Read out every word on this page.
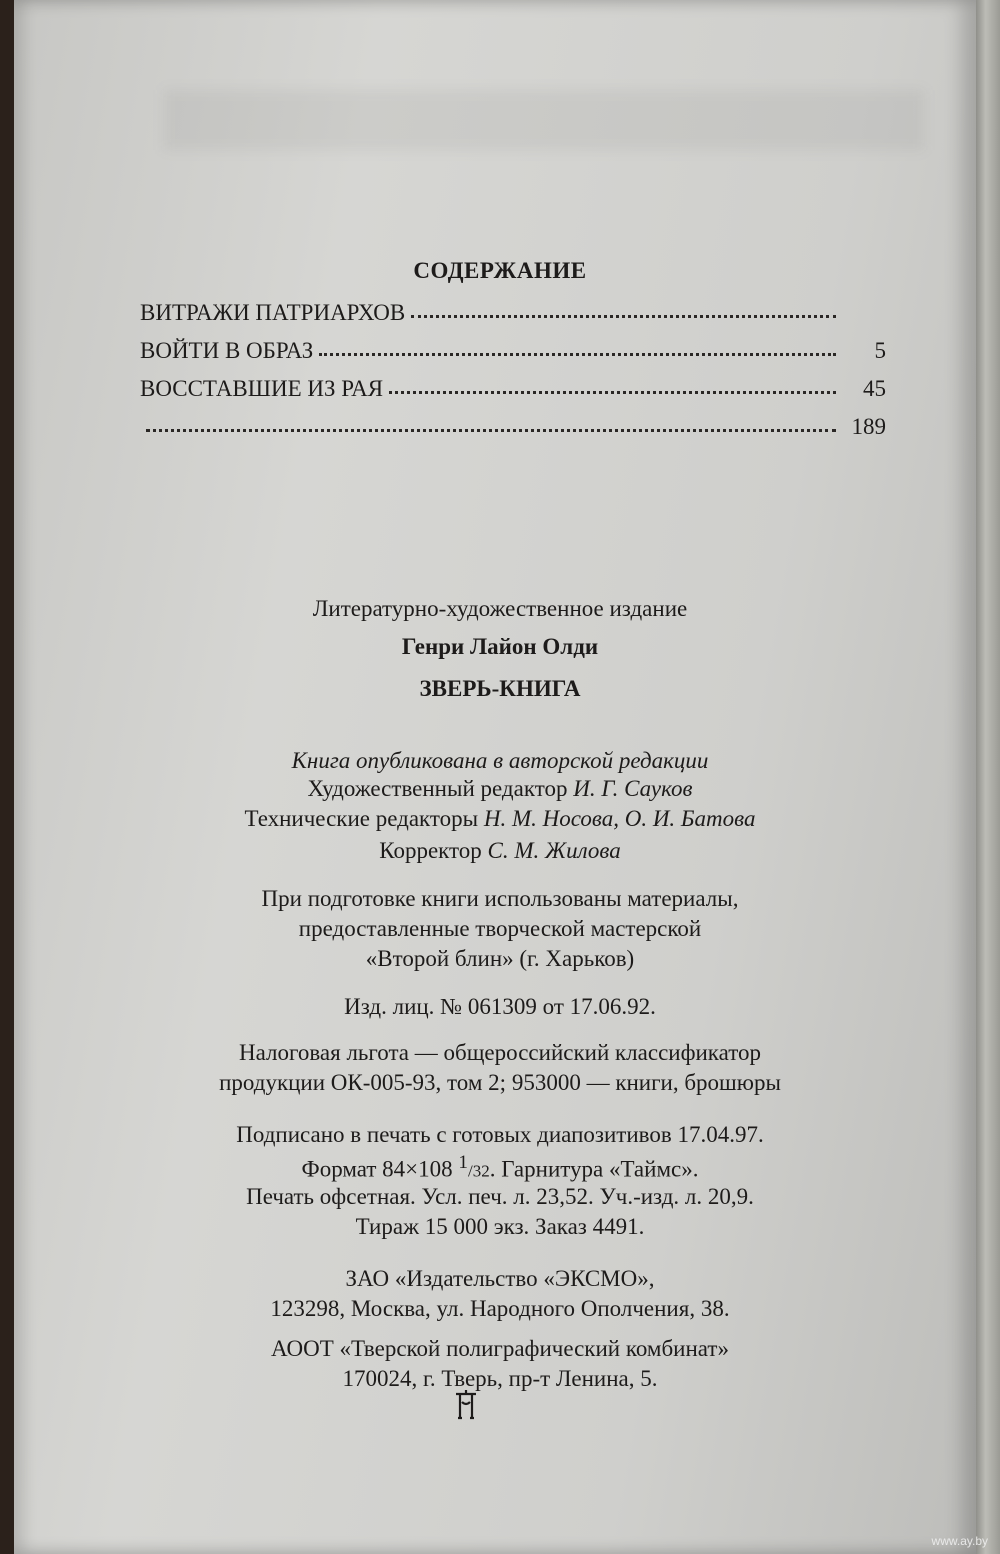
СОДЕРЖАНИЕ
ВИТРАЖИ ПАТРИАРХОВ
ВОЙТИ В ОБРАЗ	5
ВОССТАВШИЕ ИЗ РАЯ	45
189
Литературно-художественное издание
Генри Лайон Олди
ЗВЕРЬ-КНИГА
Книга опубликована в авторской редакции
Художественный редактор И. Г. Сауков
Технические редакторы Н. М. Носова, О. И. Батова
Корректор С. М. Жилова
При подготовке книги использованы материалы,
предоставленные творческой мастерской
«Второй блин» (г. Харьков)
Изд. лиц. № 061309 от 17.06.92.
Налоговая льгота — общероссийский классификатор
продукции ОК-005-93, том 2; 953000 — книги, брошюры
Подписано в печать с готовых диапозитивов 17.04.97.
Формат 84×108 $^1$/32. Гарнитура «Таймс».
Печать офсетная. Усл. печ. л. 23,52. Уч.-изд. л. 20,9.
Тираж 15 000 экз. Заказ 4491.
ЗАО «Издательство «ЭКСМО»,
123298, Москва, ул. Народного Ополчения, 38.
АООТ «Тверской полиграфический комбинат»
170024, г. Тверь, пр-т Ленина, 5.
www.ay.by
